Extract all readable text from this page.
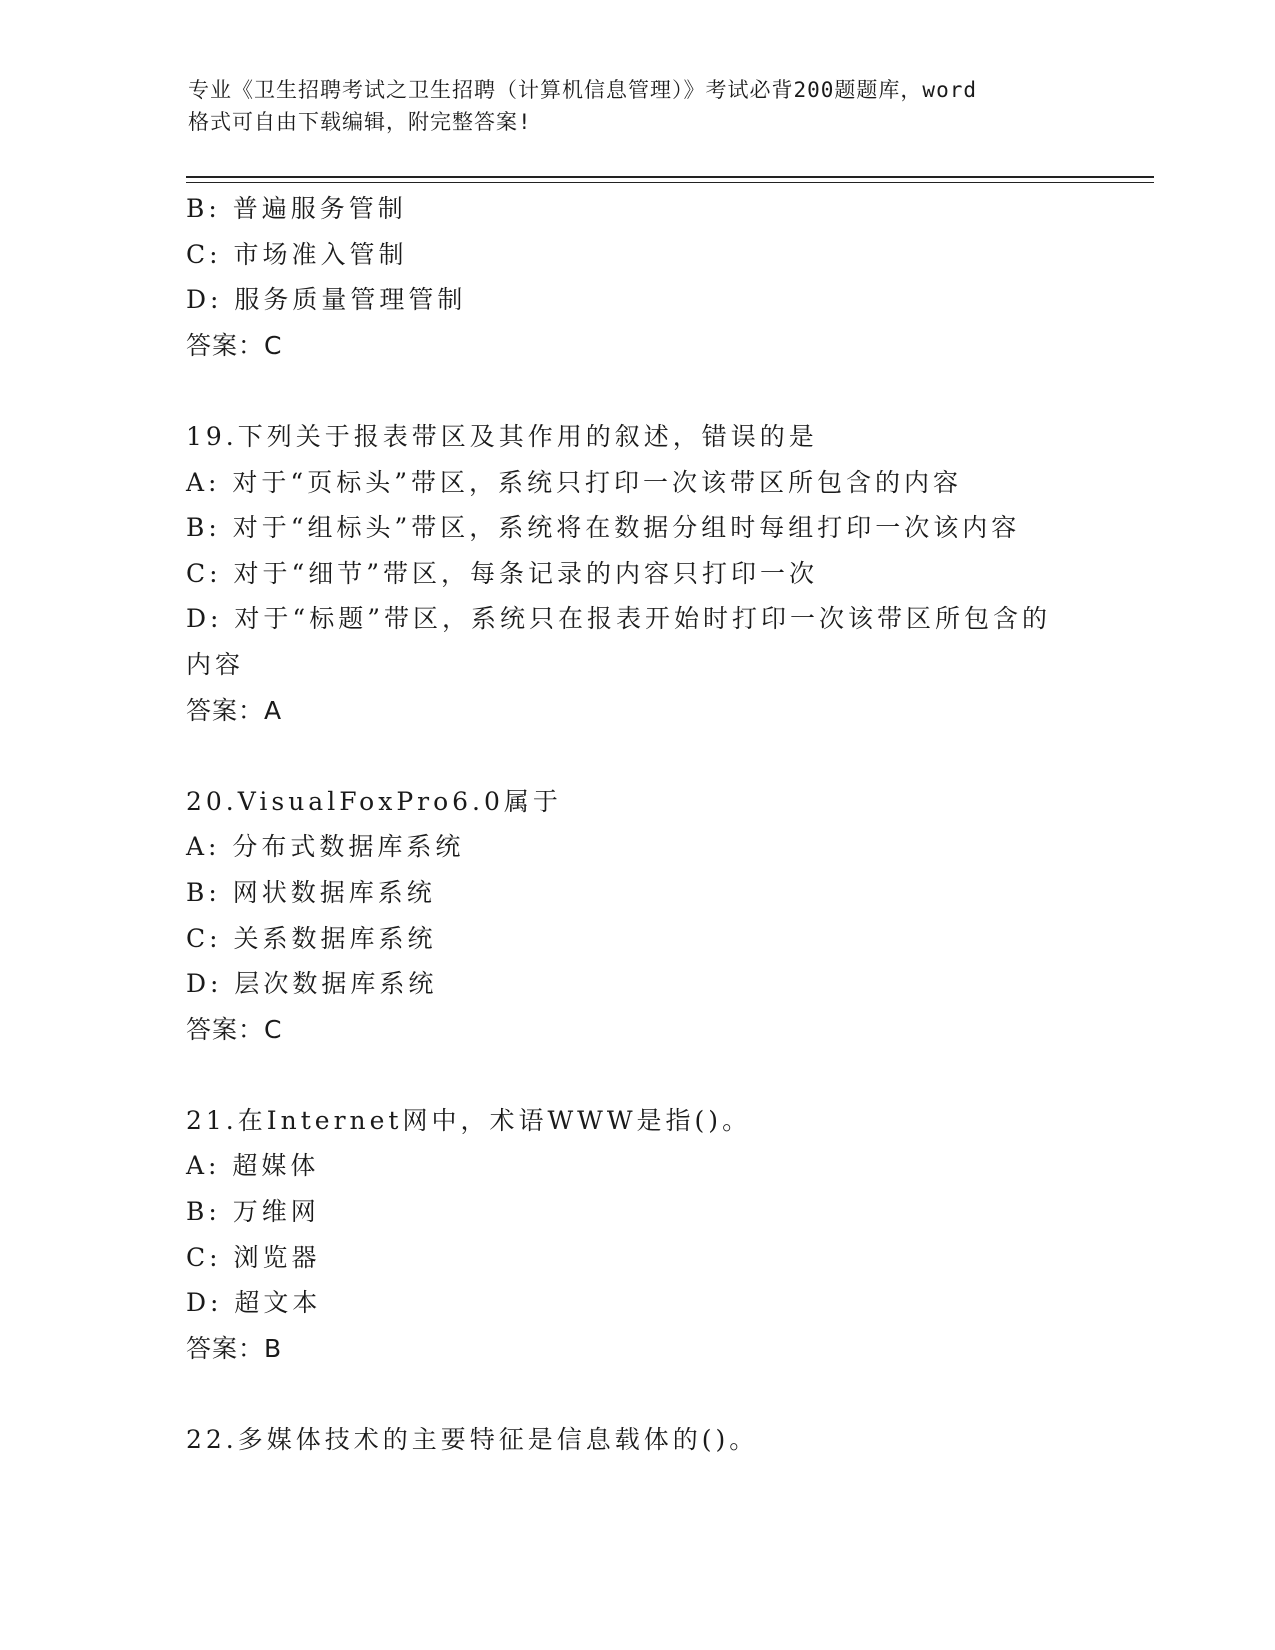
专业《卫生招聘考试之卫生招聘（计算机信息管理）》考试必背200题题库，word
格式可自由下载编辑，附完整答案!
B: 普遍服务管制
C: 市场准入管制
D: 服务质量管理管制
答案：C
19.下列关于报表带区及其作用的叙述，错误的是
A: 对于“页标头”带区，系统只打印一次该带区所包含的内容
B: 对于“组标头”带区，系统将在数据分组时每组打印一次该内容
C: 对于“细节”带区，每条记录的内容只打印一次
D: 对于“标题”带区，系统只在报表开始时打印一次该带区所包含的
内容
答案：A
20.VisualFoxPro6.0属于
A: 分布式数据库系统
B: 网状数据库系统
C: 关系数据库系统
D: 层次数据库系统
答案：C
21.在Internet网中，术语WWW是指()。
A: 超媒体
B: 万维网
C: 浏览器
D: 超文本
答案：B
22.多媒体技术的主要特征是信息载体的()。
